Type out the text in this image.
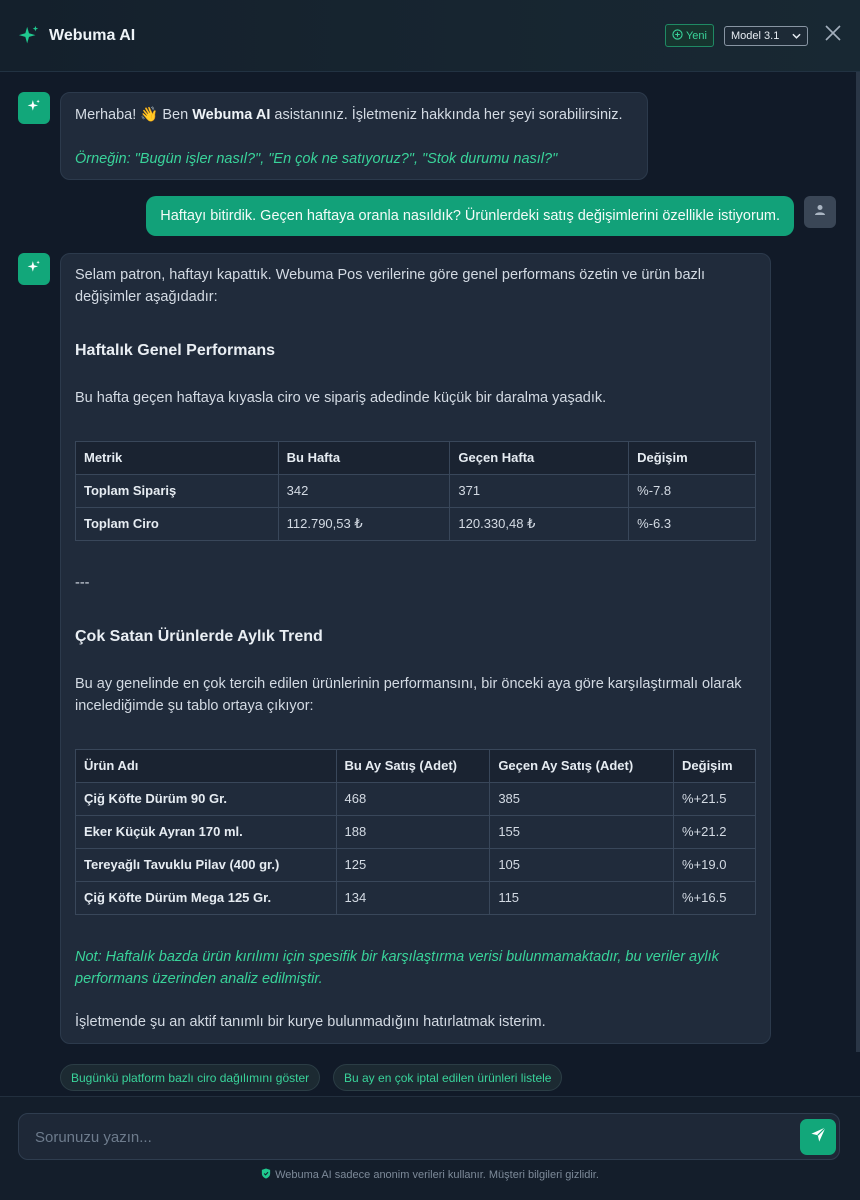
Webuma AI	Yeni Model 3.1
Merhaba! 👋 Ben Webuma AI asistanınız. İşletmeniz hakkında her şeyi sorabilirsiniz.
Örneğin: "Bugün işler nasıl?", "En çok ne satıyoruz?", "Stok durumu nasıl?"
Haftayı bitirdik. Geçen haftaya oranla nasıldık? Ürünlerdeki satış değişimlerini özellikle istiyorum.
Selam patron, haftayı kapattık. Webuma Pos verilerine göre genel performans özetin ve ürün bazlı değişimler aşağıdadır:
Haftalık Genel Performans
Bu hafta geçen haftaya kıyasla ciro ve sipariş adedinde küçük bir daralma yaşadık.
Metrik	Bu Hafta	Geçen Hafta	Değişim
Toplam Sipariş	342	371	%-7.8
Toplam Ciro	112.790,53 ₺	120.330,48 ₺	%-6.3
---
Çok Satan Ürünlerde Aylık Trend
Bu ay genelinde en çok tercih edilen ürünlerinin performansını, bir önceki aya göre karşılaştırmalı olarak incelediğimde şu tablo ortaya çıkıyor:
Ürün Adı	Bu Ay Satış (Adet)	Geçen Ay Satış (Adet)	Değişim
Çiğ Köfte Dürüm 90 Gr.	468	385	%+21.5
Eker Küçük Ayran 170 ml.	188	155	%+21.2
Tereyağlı Tavuklu Pilav (400 gr.)	125	105	%+19.0
Çiğ Köfte Dürüm Mega 125 Gr.	134	115	%+16.5
Not: Haftalık bazda ürün kırılımı için spesifik bir karşılaştırma verisi bulunmamaktadır, bu veriler aylık performans üzerinden analiz edilmiştir.
İşletmende şu an aktif tanımlı bir kurye bulunmadığını hatırlatmak isterim.
Bugünkü platform bazlı ciro dağılımını göster	Bu ay en çok iptal edilen ürünleri listele
Sorunuzu yazın...
Webuma AI sadece anonim verileri kullanır. Müşteri bilgileri gizlidir.
